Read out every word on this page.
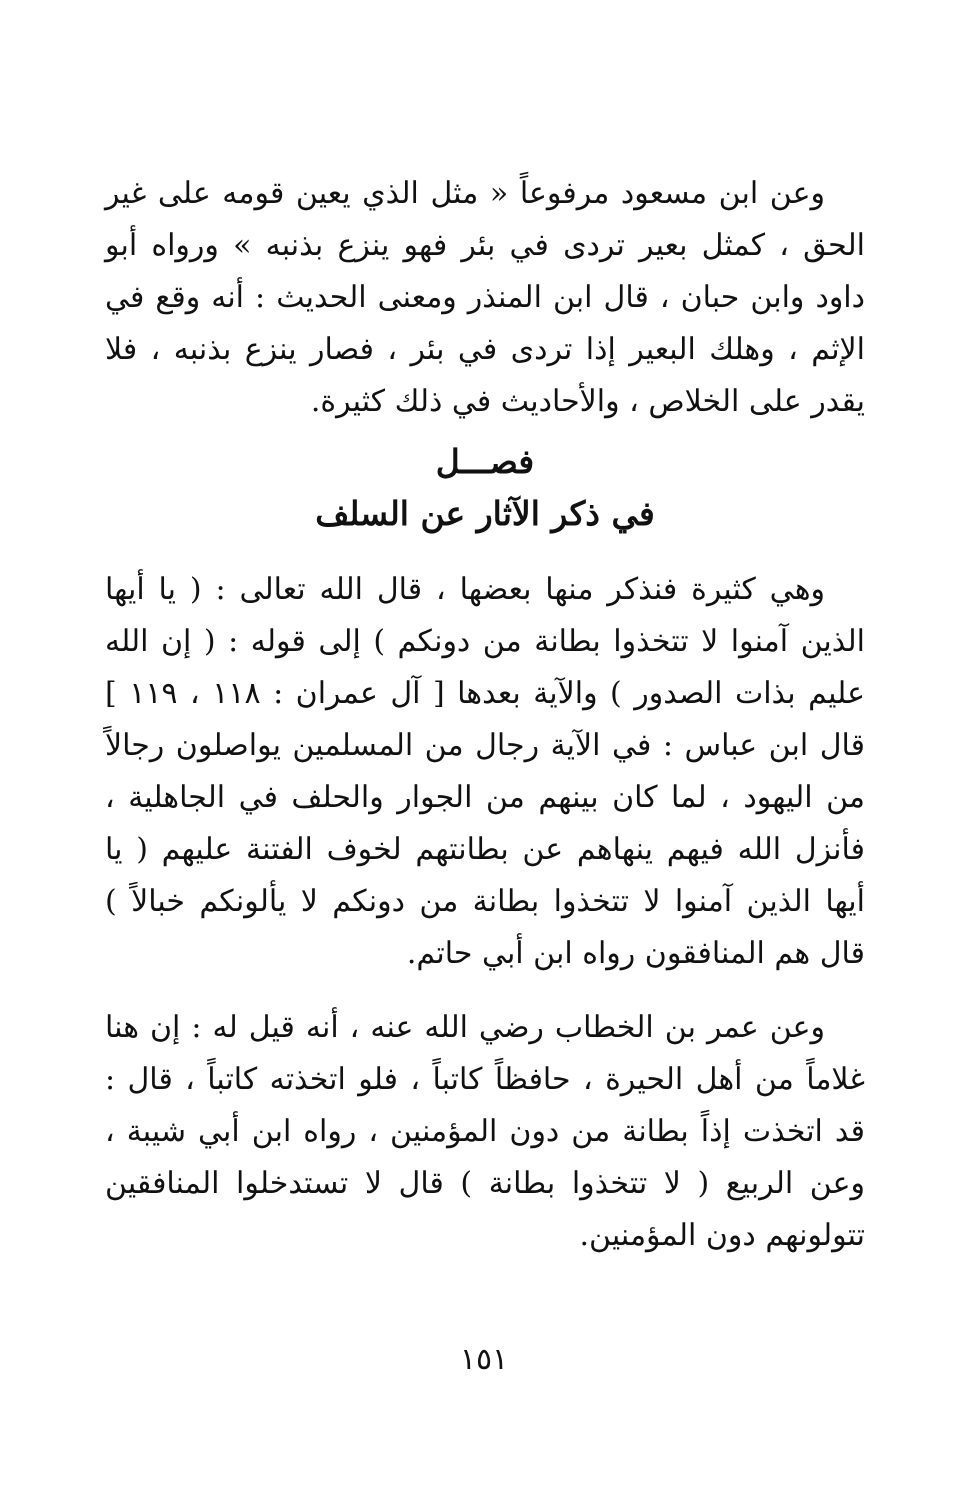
وعن ابن مسعود مرفوعاً « مثل الذي يعين قومه على غير الحق ، كمثل بعير تردى في بئر فهو ينزع بذنبه » ورواه أبو داود وابن حبان ، قال ابن المنذر ومعنى الحديث : أنه وقع في الإثم ، وهلك البعير إذا تردى في بئر ، فصار ينزع بذنبه ، فلا يقدر على الخلاص ، والأحاديث في ذلك كثيرة.

فصـــل
في ذكر الآثار عن السلف

وهي كثيرة فنذكر منها بعضها ، قال الله تعالى : ( يا أيها الذين آمنوا لا تتخذوا بطانة من دونكم ) إلى قوله : ( إن الله عليم بذات الصدور ) والآية بعدها [ آل عمران : ١١٨ ، ١١٩ ] قال ابن عباس : في الآية رجال من المسلمين يواصلون رجالاً من اليهود ، لما كان بينهم من الجوار والحلف في الجاهلية ، فأنزل الله فيهم ينهاهم عن بطانتهم لخوف الفتنة عليهم ( يا أيها الذين آمنوا لا تتخذوا بطانة من دونكم لا يألونكم خبالاً ) قال هم المنافقون رواه ابن أبي حاتم.

وعن عمر بن الخطاب رضي الله عنه ، أنه قيل له : إن هنا غلاماً من أهل الحيرة ، حافظاً كاتباً ، فلو اتخذته كاتباً ، قال : قد اتخذت إذاً بطانة من دون المؤمنين ، رواه ابن أبي شيبة ، وعن الربيع ( لا تتخذوا بطانة ) قال لا تستدخلوا المنافقين تتولونهم دون المؤمنين.

١٥١
